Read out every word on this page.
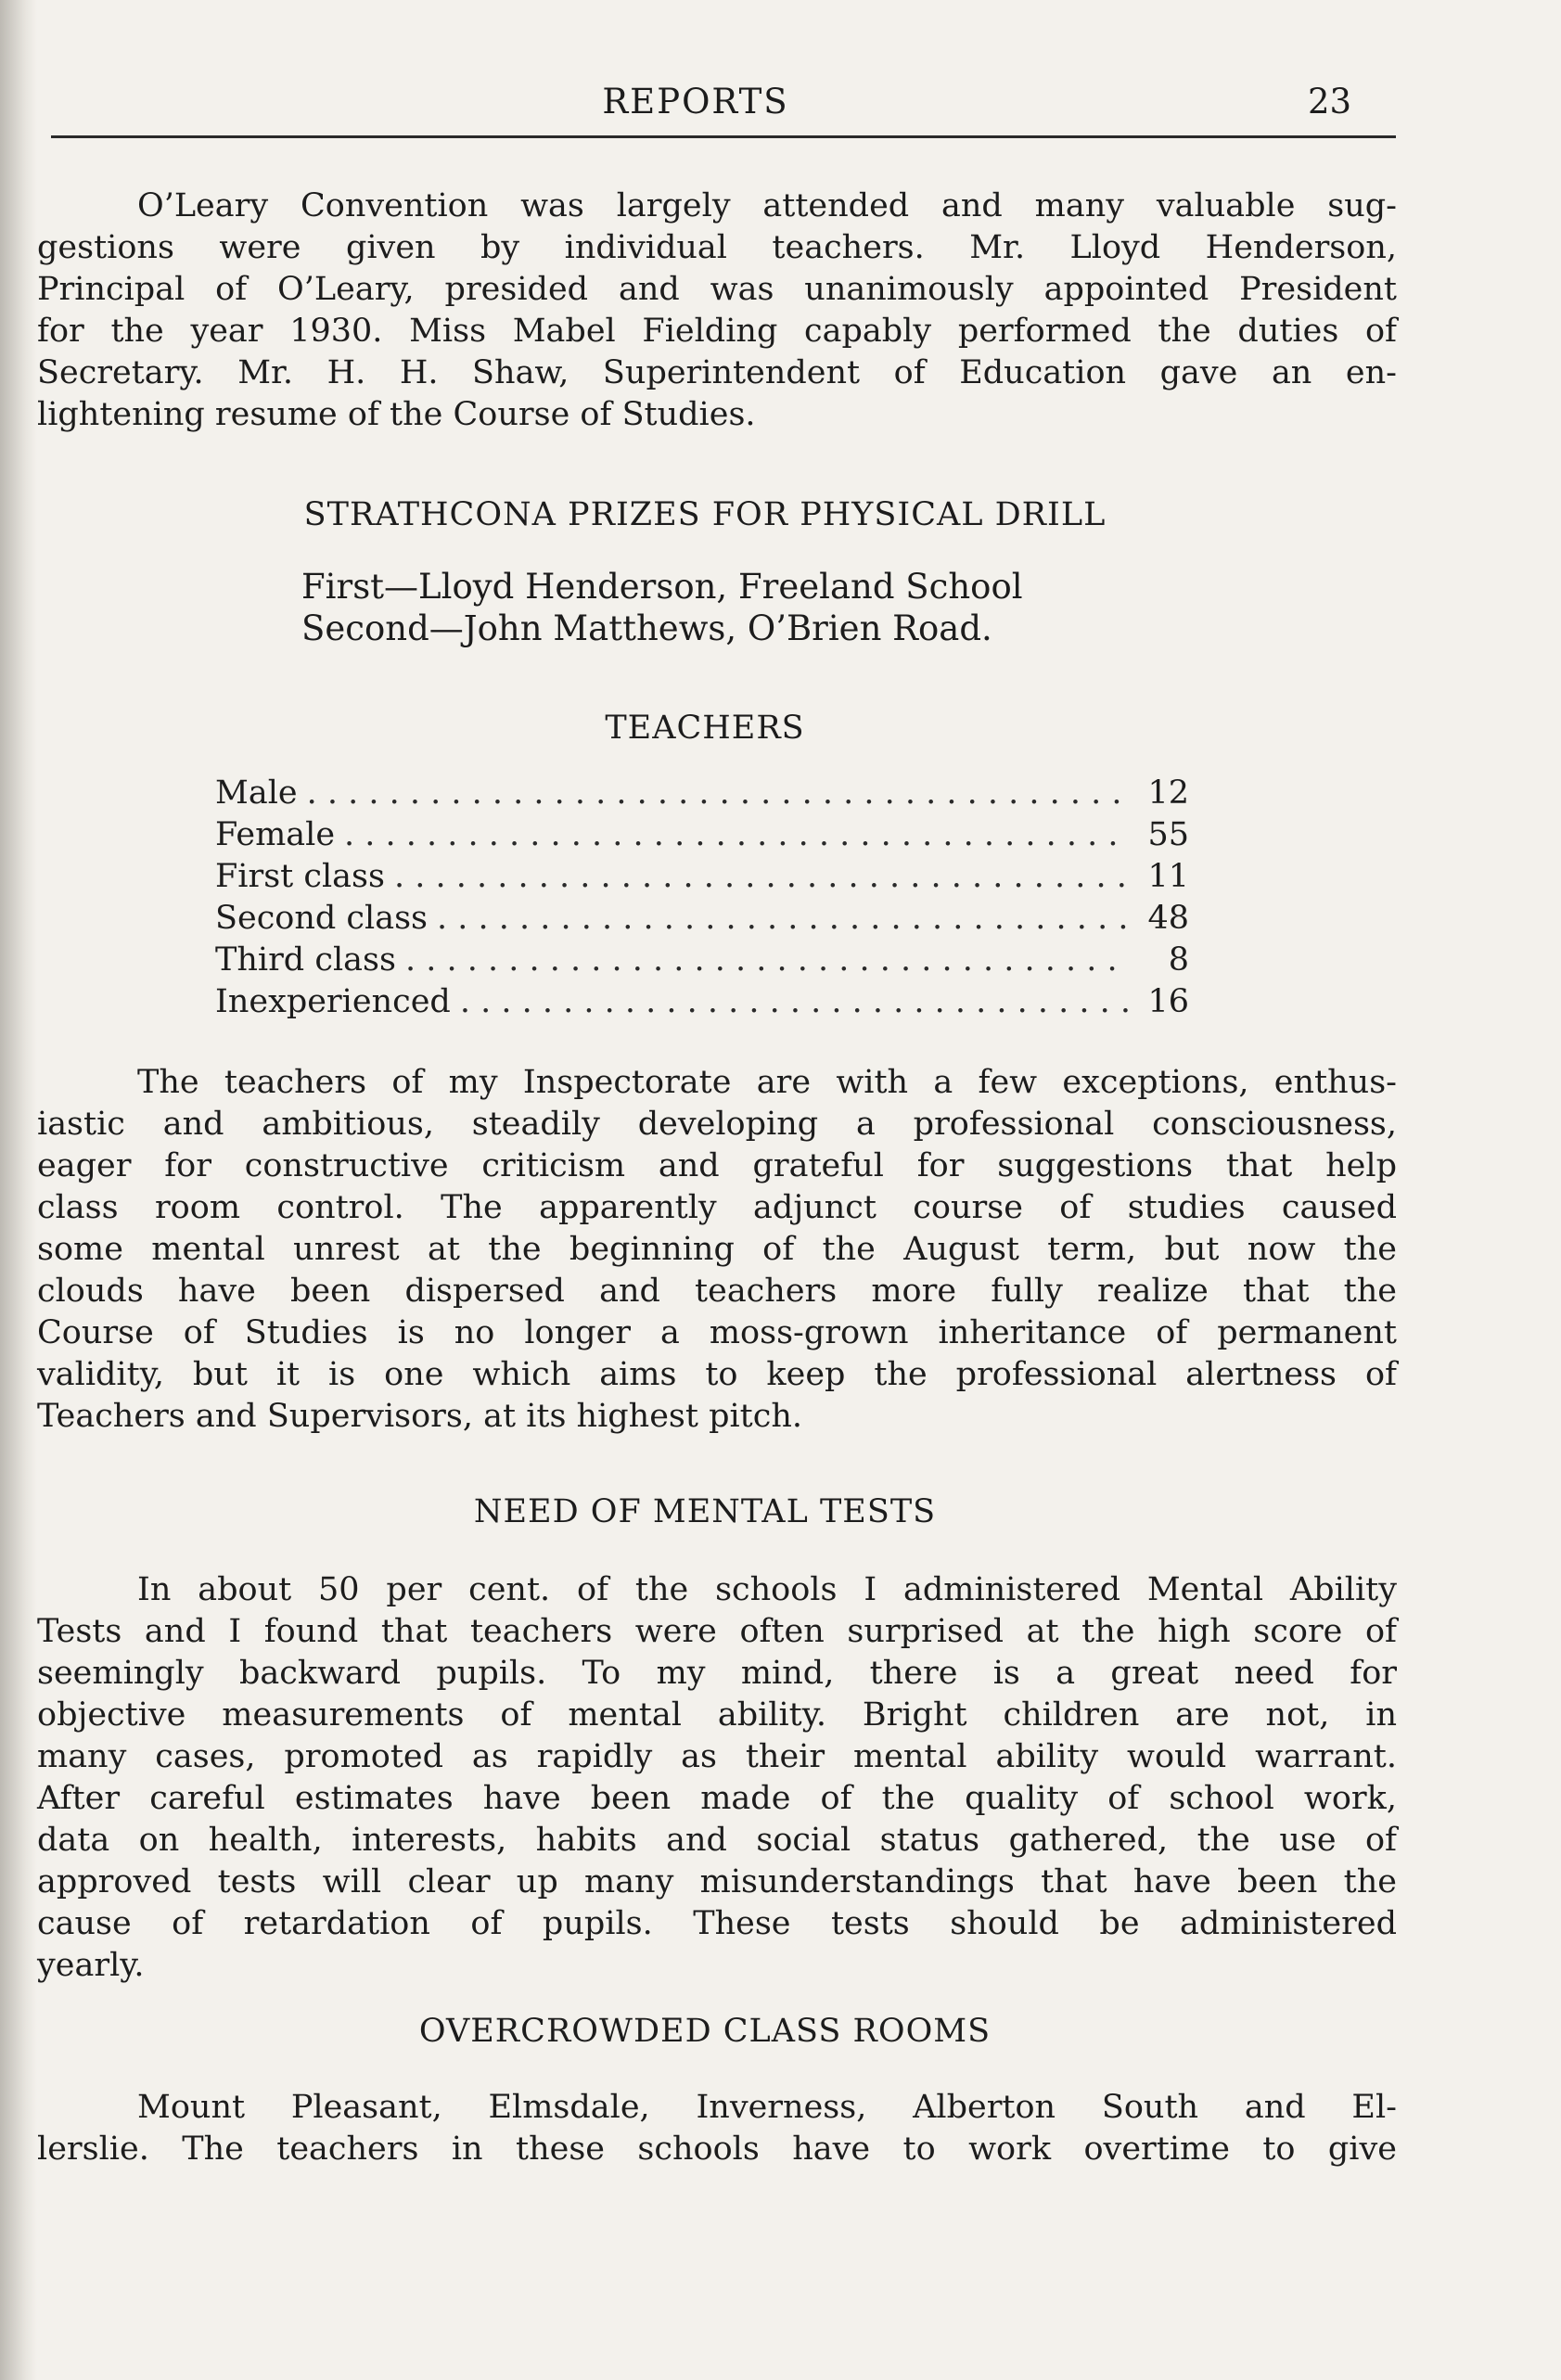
REPORTS	23
O’Leary Convention was largely attended and many valuable sug-
gestions were given by individual teachers. Mr. Lloyd Henderson,
Principal of O’Leary, presided and was unanimously appointed President
for the year 1930. Miss Mabel Fielding capably performed the duties of
Secretary. Mr. H. H. Shaw, Superintendent of Education gave an en-
lightening resume of the Course of Studies.
STRATHCONA PRIZES FOR PHYSICAL DRILL
First—Lloyd Henderson, Freeland School
Second—John Matthews, O’Brien Road.
TEACHERS
Male . . .	12
Female . . .	55
First class . . .	11
Second class . . .	48
Third class . . .	8
Inexperienced . . .	16
The teachers of my Inspectorate are with a few exceptions, enthus-
iastic and ambitious, steadily developing a professional consciousness,
eager for constructive criticism and grateful for suggestions that help
class room control. The apparently adjunct course of studies caused
some mental unrest at the beginning of the August term, but now the
clouds have been dispersed and teachers more fully realize that the
Course of Studies is no longer a moss-grown inheritance of permanent
validity, but it is one which aims to keep the professional alertness of
Teachers and Supervisors, at its highest pitch.
NEED OF MENTAL TESTS
In about 50 per cent. of the schools I administered Mental Ability
Tests and I found that teachers were often surprised at the high score of
seemingly backward pupils. To my mind, there is a great need for
objective measurements of mental ability. Bright children are not, in
many cases, promoted as rapidly as their mental ability would warrant.
After careful estimates have been made of the quality of school work,
data on health, interests, habits and social status gathered, the use of
approved tests will clear up many misunderstandings that have been the
cause of retardation of pupils. These tests should be administered
yearly.
OVERCROWDED CLASS ROOMS
Mount Pleasant, Elmsdale, Inverness, Alberton South and El-
lerslie. The teachers in these schools have to work overtime to give
